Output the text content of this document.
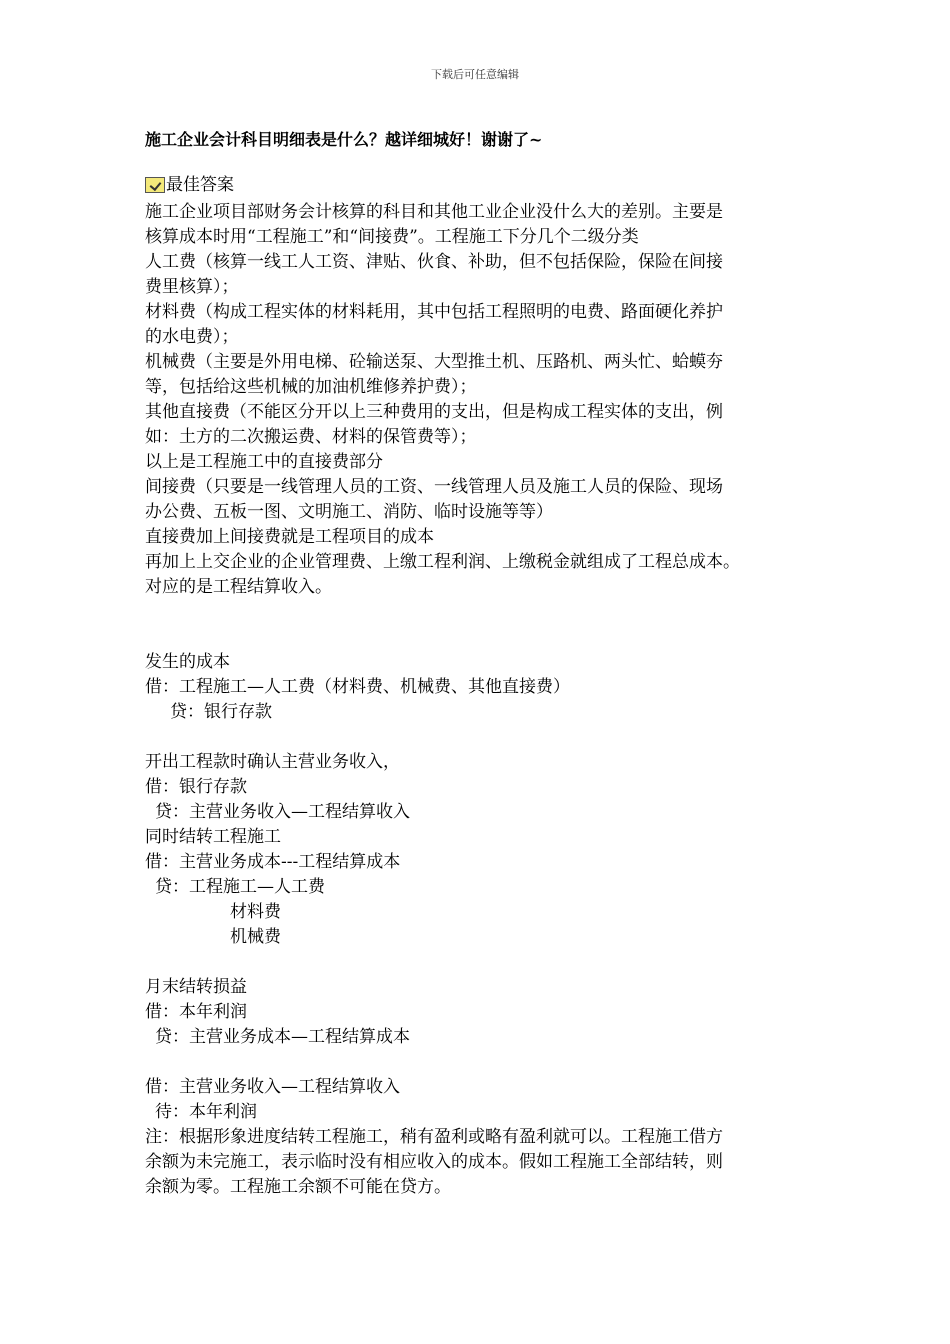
下载后可任意编辑
施工企业会计科目明细表是什么？越详细城好！谢谢了~
最佳答案
施工企业项目部财务会计核算的科目和其他工业企业没什么大的差别。主要是
核算成本时用“工程施工”和“间接费”。工程施工下分几个二级分类
人工费（核算一线工人工资、津贴、伙食、补助，但不包括保险，保险在间接
费里核算）；
材料费（构成工程实体的材料耗用，其中包括工程照明的电费、路面硬化养护
的水电费）；
机械费（主要是外用电梯、砼输送泵、大型推土机、压路机、两头忙、蛤蟆夯
等，包括给这些机械的加油机维修养护费）；
其他直接费（不能区分开以上三种费用的支出，但是构成工程实体的支出，例
如：土方的二次搬运费、材料的保管费等）；
以上是工程施工中的直接费部分
间接费（只要是一线管理人员的工资、一线管理人员及施工人员的保险、现场
办公费、五板一图、文明施工、消防、临时设施等等）
直接费加上间接费就是工程项目的成本
再加上上交企业的企业管理费、上缴工程利润、上缴税金就组成了工程总成本。
对应的是工程结算收入。
发生的成本
借：工程施工—人工费（材料费、机械费、其他直接费）
贷：银行存款
开出工程款时确认主营业务收入，
借：银行存款
贷：主营业务收入—工程结算收入
同时结转工程施工
借：主营业务成本---工程结算成本
贷：工程施工—人工费
材料费
机械费
月末结转损益
借：本年利润
贷：主营业务成本—工程结算成本
借：主营业务收入—工程结算收入
待：本年利润
注：根据形象进度结转工程施工，稍有盈利或略有盈利就可以。工程施工借方
余额为未完施工，表示临时没有相应收入的成本。假如工程施工全部结转，则
余额为零。工程施工余额不可能在贷方。
